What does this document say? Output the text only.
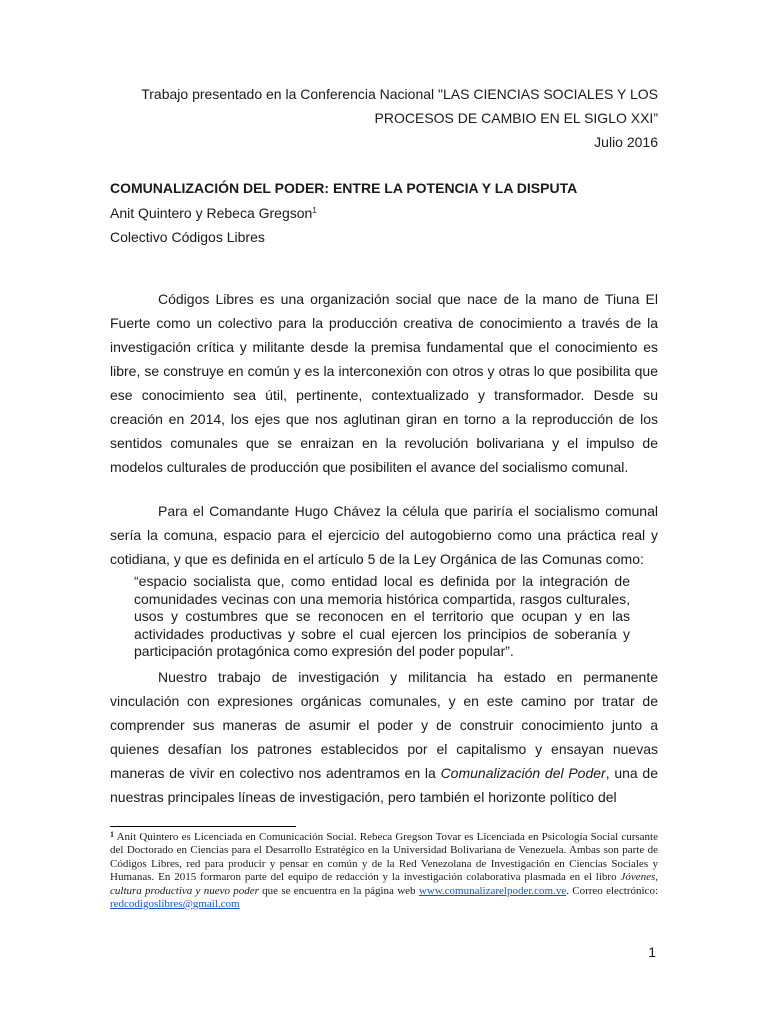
Trabajo presentado en la Conferencia Nacional "LAS CIENCIAS SOCIALES Y LOS
PROCESOS DE CAMBIO EN EL SIGLO XXI”
Julio 2016
COMUNALIZACIÓN DEL PODER: ENTRE LA POTENCIA Y LA DISPUTA
Anit Quintero y Rebeca Gregson$^1$
Colectivo Códigos Libres

Códigos Libres es una organización social que nace de la mano de Tiuna El Fuerte como un colectivo para la producción creativa de conocimiento a través de la investigación crítica y militante desde la premisa fundamental que el conocimiento es libre, se construye en común y es la interconexión con otros y otras lo que posibilita que ese conocimiento sea útil, pertinente, contextualizado y transformador. Desde su creación en 2014, los ejes que nos aglutinan giran en torno a la reproducción de los sentidos comunales que se enraizan en la revolución bolivariana y el impulso de modelos culturales de producción que posibiliten el avance del socialismo comunal.

Para el Comandante Hugo Chávez la célula que pariría el socialismo comunal sería la comuna, espacio para el ejercicio del autogobierno como una práctica real y cotidiana, y que es definida en el artículo 5 de la Ley Orgánica de las Comunas como:

“espacio socialista que, como entidad local es definida por la integración de comunidades vecinas con una memoria histórica compartida, rasgos culturales, usos y costumbres que se reconocen en el territorio que ocupan y en las actividades productivas y sobre el cual ejercen los principios de soberanía y participación protagónica como expresión del poder popular”.

Nuestro trabajo de investigación y militancia ha estado en permanente vinculación con expresiones orgánicas comunales, y en este camino por tratar de comprender sus maneras de asumir el poder y de construir conocimiento junto a quienes desafían los patrones establecidos por el capitalismo y ensayan nuevas maneras de vivir en colectivo nos adentramos en la Comunalización del Poder, una de nuestras principales líneas de investigación, pero también el horizonte político del

$^1$ Anit Quintero es Licenciada en Comunicación Social. Rebeca Gregson Tovar es Licenciada en Psicología Social cursante del Doctorado en Ciencias para el Desarrollo Estratégico en la Universidad Bolivariana de Venezuela. Ambas son parte de Códigos Libres, red para producir y pensar en común y de la Red Venezolana de Investigación en Ciencias Sociales y Humanas. En 2015 formaron parte del equipo de redacción y la investigación colaborativa plasmada en el libro Jóvenes, cultura productiva y nuevo poder que se encuentra en la página web www.comunalizarelpoder.com.ve. Correo electrónico: redcodigoslibres@gmail.com

1
